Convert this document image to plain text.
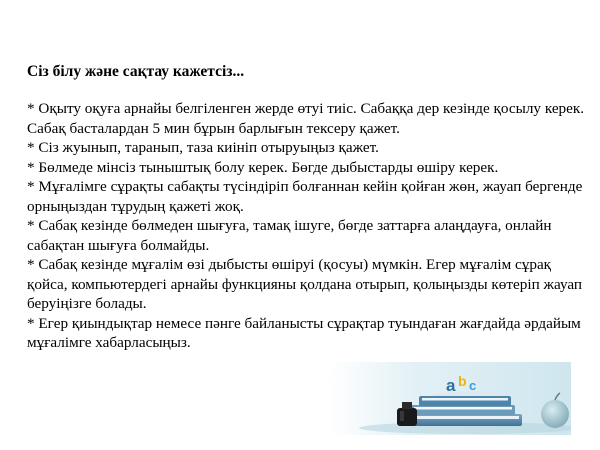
Сіз білу және сақтау кажетсіз...

* Оқыту оқуға арнайы белгіленген жерде өтуі тиіс. Сабаққа дер кезінде қосылу керек. Сабақ басталардан 5 мин бұрын барлығын тексеру қажет.
* Сіз жуынып, таранып, таза киініп отыруыңыз қажет.
* Бөлмеде мінсіз тыныштық болу керек. Бөгде дыбыстарды өшіру керек.
* Мұғалімге сұрақты сабақты түсіндіріп болғаннан кейін қойған жөн, жауап бергенде орныңыздан тұрудың қажеті жоқ.
* Сабақ кезінде бөлмеден шығуға, тамақ ішуге, бөгде заттарға алаңдауға, онлайн сабақтан шығуға болмайды.
* Сабақ кезінде мұғалім өзі дыбысты өшіруі (қосуы) мүмкін. Егер мұғалім сұрақ қойса, компьютердегі арнайы функцияны қолдана отырып, қолыңызды көтеріп жауап беруіңізге болады.
* Егер қиындықтар немесе пәнге байланысты сұрақтар туындаған жағдайда әрдайым мұғалімге хабарласыңыз.
a b c
